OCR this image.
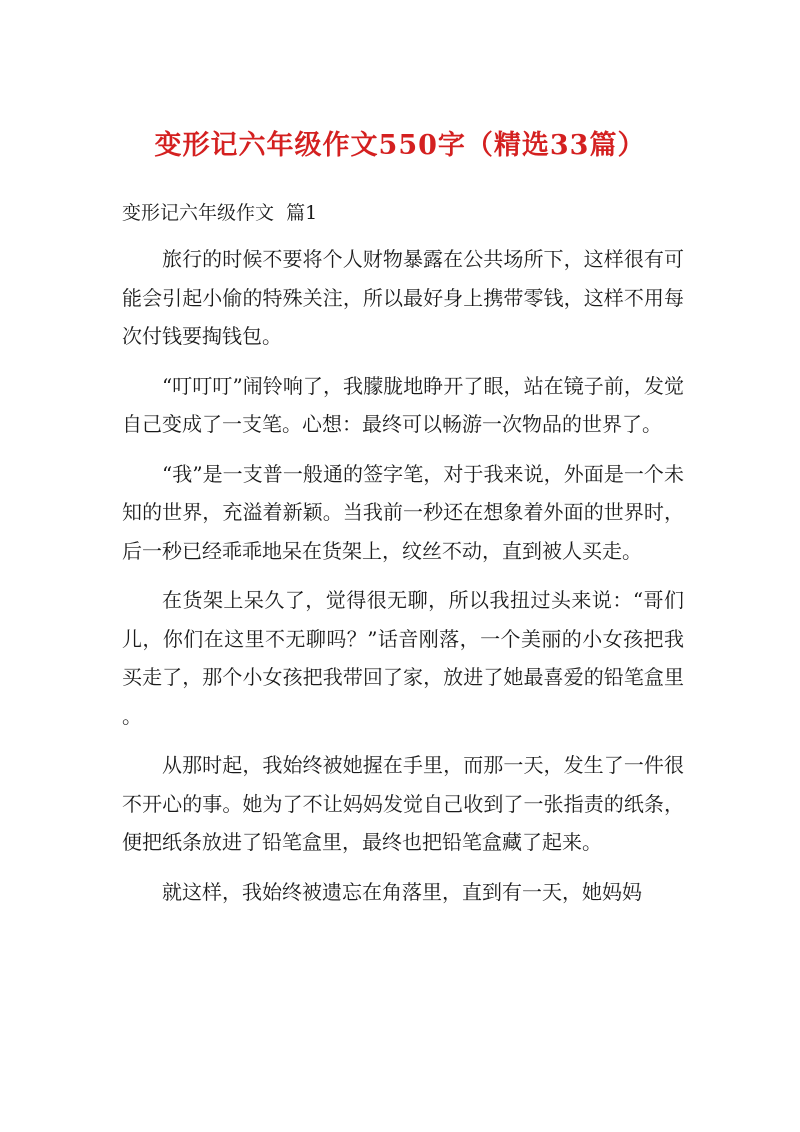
变形记六年级作文550字（精选33篇）
变形记六年级作文  篇1

旅行的时候不要将个人财物暴露在公共场所下，这样很有可能会引起小偷的特殊关注，所以最好身上携带零钱，这样不用每次付钱要掏钱包。

“叮叮叮”闹铃响了，我朦胧地睁开了眼，站在镜子前，发觉自己变成了一支笔。心想：最终可以畅游一次物品的世界了。

“我”是一支普一般通的签字笔，对于我来说，外面是一个未知的世界，充溢着新颖。当我前一秒还在想象着外面的世界时，后一秒已经乖乖地呆在货架上，纹丝不动，直到被人买走。

在货架上呆久了，觉得很无聊，所以我扭过头来说：“哥们儿，你们在这里不无聊吗？”话音刚落，一个美丽的小女孩把我买走了，那个小女孩把我带回了家，放进了她最喜爱的铅笔盒里。

从那时起，我始终被她握在手里，而那一天，发生了一件很不开心的事。她为了不让妈妈发觉自己收到了一张指责的纸条，便把纸条放进了铅笔盒里，最终也把铅笔盒藏了起来。

就这样，我始终被遗忘在角落里，直到有一天，她妈妈
